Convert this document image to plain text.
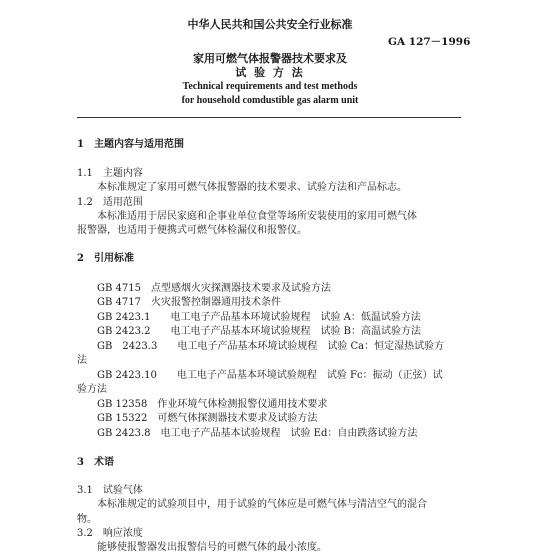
中华人民共和国公共安全行业标准
GA 127－1996
家用可燃气体报警器技术要求及
试 验 方 法
Technical requirements and test methods
for household comdustible gas alarm unit
1　主题内容与适用范围
1.1　主题内容
本标准规定了家用可燃气体报警器的技术要求、试验方法和产品标志。
1.2　适用范围
本标准适用于居民家庭和企事业单位食堂等场所安装使用的家用可燃气体
报警器，也适用于便携式可燃气体检漏仪和报警仪。
2　引用标准
GB 4715　点型感烟火灾探测器技术要求及试验方法
GB 4717　火灾报警控制器通用技术条件
GB 2423.1　　电工电子产品基本环境试验规程　试验 A：低温试验方法
GB 2423.2　　电工电子产品基本环境试验规程　试验 B：高温试验方法
GB　2423.3　　电工电子产品基本环境试验规程　试验 Ca：恒定湿热试验方
法
GB 2423.10　　电工电子产品基本环境试验规程　试验 Fc：振动（正弦）试
验方法
GB 12358　作业环境气体检测报警仪通用技术要求
GB 15322　可燃气体探测器技术要求及试验方法
GB 2423.8　电工电子产品基本试验规程　试验 Ed：自由跌落试验方法
3　术语
3.1　试验气体
本标准规定的试验项目中，用于试验的气体应是可燃气体与清洁空气的混合
物。
3.2　响应浓度
能够使报警器发出报警信号的可燃气体的最小浓度。
